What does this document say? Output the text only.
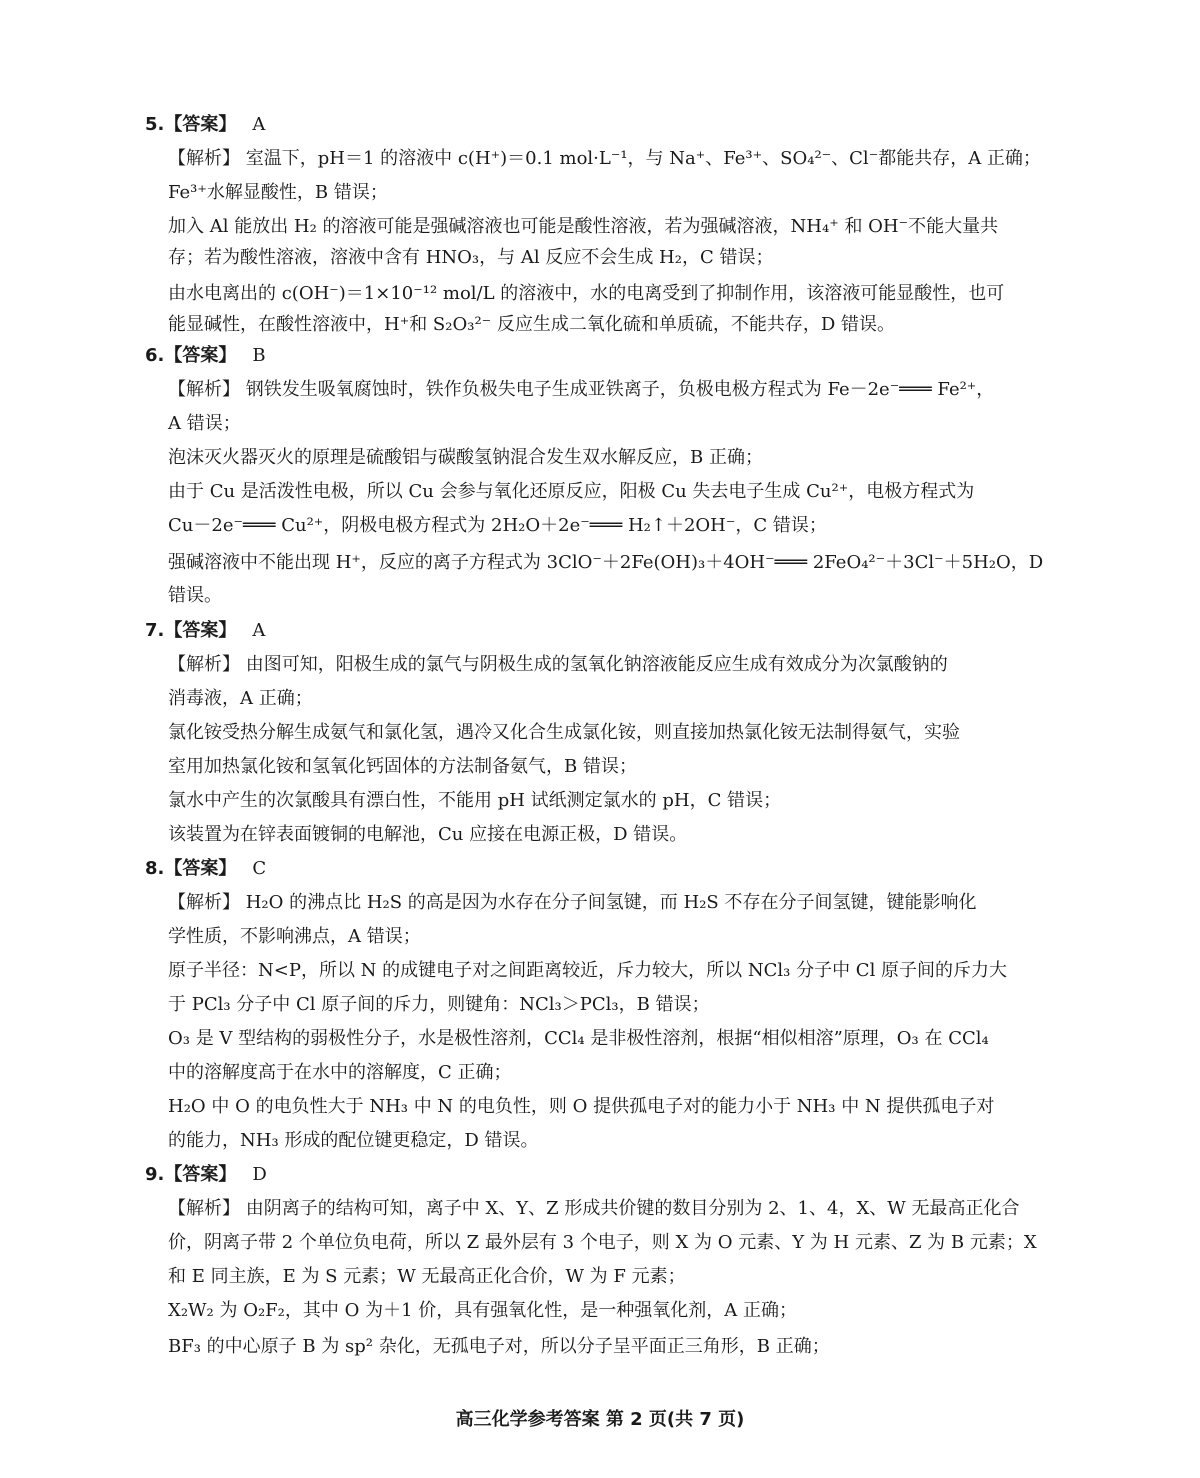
5.【答案】 A
【解析】 室温下，pH＝1 的溶液中 c(H⁺)＝0.1 mol·L⁻¹，与 Na⁺、Fe³⁺、SO₄²⁻、Cl⁻都能共存，A 正确；
Fe³⁺水解显酸性，B 错误；
加入 Al 能放出 H₂ 的溶液可能是强碱溶液也可能是酸性溶液，若为强碱溶液，NH₄⁺ 和 OH⁻不能大量共
存；若为酸性溶液，溶液中含有 HNO₃，与 Al 反应不会生成 H₂，C 错误；
由水电离出的 c(OH⁻)＝1×10⁻¹² mol/L 的溶液中，水的电离受到了抑制作用，该溶液可能显酸性，也可
能显碱性，在酸性溶液中，H⁺和 S₂O₃²⁻ 反应生成二氧化硫和单质硫，不能共存，D 错误。
6.【答案】 B
【解析】 钢铁发生吸氧腐蚀时，铁作负极失电子生成亚铁离子，负极电极方程式为 Fe－2e⁻═══ Fe²⁺，
A 错误；
泡沫灭火器灭火的原理是硫酸铝与碳酸氢钠混合发生双水解反应，B 正确；
由于 Cu 是活泼性电极，所以 Cu 会参与氧化还原反应，阳极 Cu 失去电子生成 Cu²⁺，电极方程式为
Cu－2e⁻═══ Cu²⁺，阴极电极方程式为 2H₂O＋2e⁻═══ H₂↑＋2OH⁻，C 错误；
强碱溶液中不能出现 H⁺，反应的离子方程式为 3ClO⁻＋2Fe(OH)₃＋4OH⁻═══ 2FeO₄²⁻＋3Cl⁻＋5H₂O，D
错误。
7.【答案】 A
【解析】 由图可知，阳极生成的氯气与阴极生成的氢氧化钠溶液能反应生成有效成分为次氯酸钠的
消毒液，A 正确；
氯化铵受热分解生成氨气和氯化氢，遇冷又化合生成氯化铵，则直接加热氯化铵无法制得氨气，实验
室用加热氯化铵和氢氧化钙固体的方法制备氨气，B 错误；
氯水中产生的次氯酸具有漂白性，不能用 pH 试纸测定氯水的 pH，C 错误；
该装置为在锌表面镀铜的电解池，Cu 应接在电源正极，D 错误。
8.【答案】 C
【解析】 H₂O 的沸点比 H₂S 的高是因为水存在分子间氢键，而 H₂S 不存在分子间氢键，键能影响化
学性质，不影响沸点，A 错误；
原子半径：N<P，所以 N 的成键电子对之间距离较近，斥力较大，所以 NCl₃ 分子中 Cl 原子间的斥力大
于 PCl₃ 分子中 Cl 原子间的斥力，则键角：NCl₃＞PCl₃，B 错误；
O₃ 是 V 型结构的弱极性分子，水是极性溶剂，CCl₄ 是非极性溶剂，根据“相似相溶”原理，O₃ 在 CCl₄
中的溶解度高于在水中的溶解度，C 正确；
H₂O 中 O 的电负性大于 NH₃ 中 N 的电负性，则 O 提供孤电子对的能力小于 NH₃ 中 N 提供孤电子对
的能力，NH₃ 形成的配位键更稳定，D 错误。
9.【答案】 D
【解析】 由阴离子的结构可知，离子中 X、Y、Z 形成共价键的数目分别为 2、1、4，X、W 无最高正化合
价，阴离子带 2 个单位负电荷，所以 Z 最外层有 3 个电子，则 X 为 O 元素、Y 为 H 元素、Z 为 B 元素；X
和 E 同主族，E 为 S 元素；W 无最高正化合价，W 为 F 元素；
X₂W₂ 为 O₂F₂，其中 O 为＋1 价，具有强氧化性，是一种强氧化剂，A 正确；
BF₃ 的中心原子 B 为 sp² 杂化，无孤电子对，所以分子呈平面正三角形，B 正确；
高三化学参考答案 第 2 页(共 7 页)
